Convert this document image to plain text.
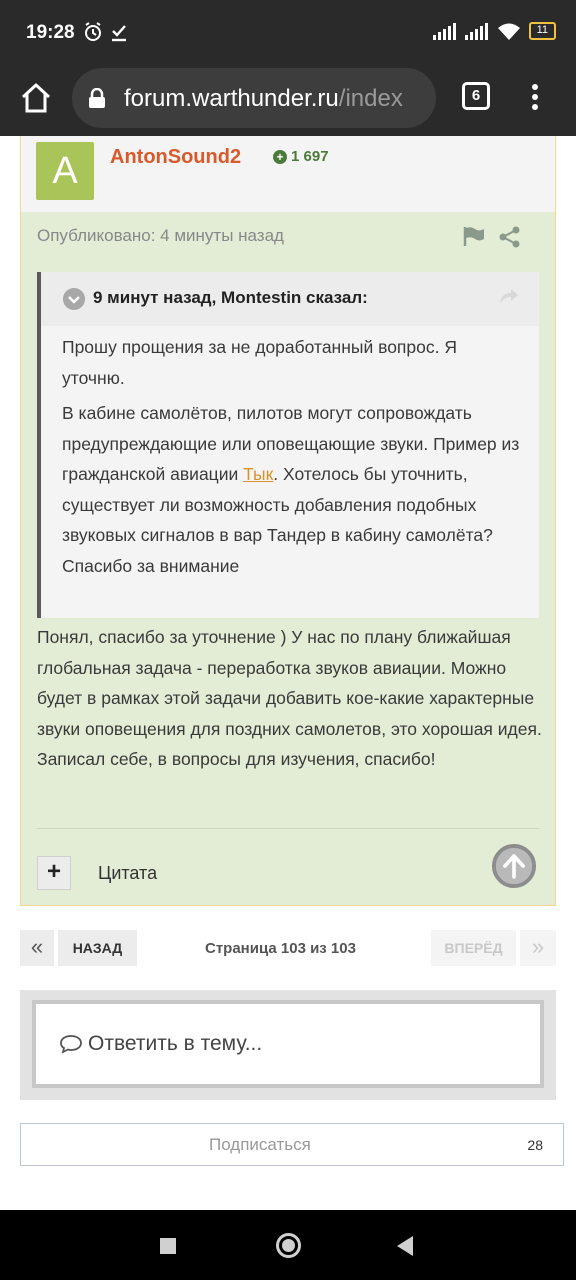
19:28	11
forum.warthunder.ru/index	6
A	AntonSound2	+ 1 697
Опубликовано: 4 минуты назад
9 минут назад, Montestin сказал:

Прошу прощения за не доработанный вопрос. Я уточню.

В кабине самолётов, пилотов могут сопровождать предупреждающие или оповещающие звуки. Пример из гражданской авиации Тык. Хотелось бы уточнить, существует ли возможность добавления подобных звуковых сигналов в вар Тандер в кабину самолёта? Спасибо за внимание

Понял, спасибо за уточнение ) У нас по плану ближайшая глобальная задача - переработка звуков авиации. Можно будет в рамках этой задачи добавить кое-какие характерные звуки оповещения для поздних самолетов, это хорошая идея. Записал себе, в вопросы для изучения, спасибо!
+	Цитата
«	НАЗАД	Страница 103 из 103	ВПЕРЁД	»
Ответить в тему...
Подписаться	28
